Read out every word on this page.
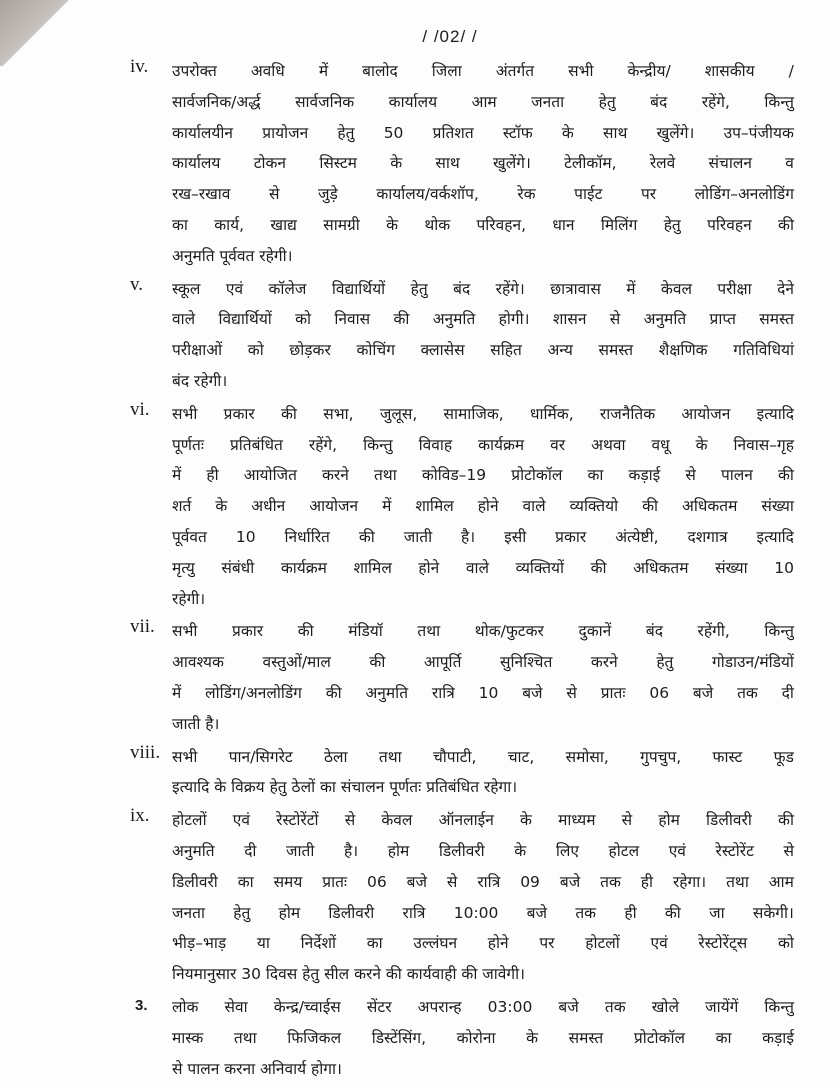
/ /02/ /
iv. उपरोक्त अवधि में बालोद जिला अंतर्गत सभी केन्द्रीय/ शासकीय /
सार्वजनिक/अर्द्ध सार्वजनिक कार्यालय आम जनता हेतु बंद रहेंगे, किन्तु
कार्यालयीन प्रायोजन हेतु 50 प्रतिशत स्टॉफ के साथ खुलेंगे। उप–पंजीयक
कार्यालय टोकन सिस्टम के साथ खुलेंगे। टेलीकॉम, रेलवे संचालन व
रख–रखाव से जुड़े कार्यालय/वर्कशॉप, रेक पाईट पर लोडिंग–अनलोडिंग
का कार्य, खाद्य सामग्री के थोक परिवहन, धान मिलिंग हेतु परिवहन की
अनुमति पूर्ववत रहेगी।
v. स्कूल एवं कॉलेज विद्यार्थियों हेतु बंद रहेंगे। छात्रावास में केवल परीक्षा देने
वाले विद्यार्थियों को निवास की अनुमति होगी। शासन से अनुमति प्राप्त समस्त
परीक्षाओं को छोड़कर कोचिंग क्लासेस सहित अन्य समस्त शैक्षणिक गतिविधियां
बंद रहेगी।
vi. सभी प्रकार की सभा, जुलूस, सामाजिक, धार्मिक, राजनैतिक आयोजन इत्यादि
पूर्णतः प्रतिबंधित रहेंगे, किन्तु विवाह कार्यक्रम वर अथवा वधू के निवास–गृह
में ही आयोजित करने तथा कोविड–19 प्रोटोकॉल का कड़ाई से पालन की
शर्त के अधीन आयोजन में शामिल होने वाले व्यक्तियो की अधिकतम संख्या
पूर्ववत 10 निर्धारित की जाती है। इसी प्रकार अंत्येष्टी, दशगात्र इत्यादि
मृत्यु संबंधी कार्यक्रम शामिल होने वाले व्यक्तियों की अधिकतम संख्या 10
रहेगी।
vii. सभी प्रकार की मंडियॉ तथा थोक/फुटकर दुकानें बंद रहेंगी, किन्तु
आवश्यक वस्तुओं/माल की आपूर्ति सुनिश्चित करने हेतु गोडाउन/मंडियों
में लोडिंग/अनलोडिंग की अनुमति रात्रि 10 बजे से प्रातः 06 बजे तक दी
जाती है।
viii. सभी पान/सिगरेट ठेला तथा चौपाटी, चाट, समोसा, गुपचुप, फास्ट फूड
इत्यादि के विक्रय हेतु ठेलों का संचालन पूर्णतः प्रतिबंधित रहेगा।
ix. होटलों एवं रेस्टोरेंटों से केवल ऑनलाईन के माध्यम से होम डिलीवरी की
अनुमति दी जाती है। होम डिलीवरी के लिए होटल एवं रेस्टोरेंट से
डिलीवरी का समय प्रातः 06 बजे से रात्रि 09 बजे तक ही रहेगा। तथा आम
जनता हेतु होम डिलीवरी रात्रि 10:00 बजे तक ही की जा सकेगी।
भीड़–भाड़ या निर्देशों का उल्लंघन होने पर होटलों एवं रेस्टोरेंट्स को
नियमानुसार 30 दिवस हेतु सील करने की कार्यवाही की जावेगी।
3. लोक सेवा केन्द्र/च्वाईस सेंटर अपरान्ह 03:00 बजे तक खोले जायेंगें किन्तु
मास्क तथा फिजिकल डिस्टेंसिंग, कोरोना के समस्त प्रोटोकॉल का कड़ाई
से पालन करना अनिवार्य होगा।
